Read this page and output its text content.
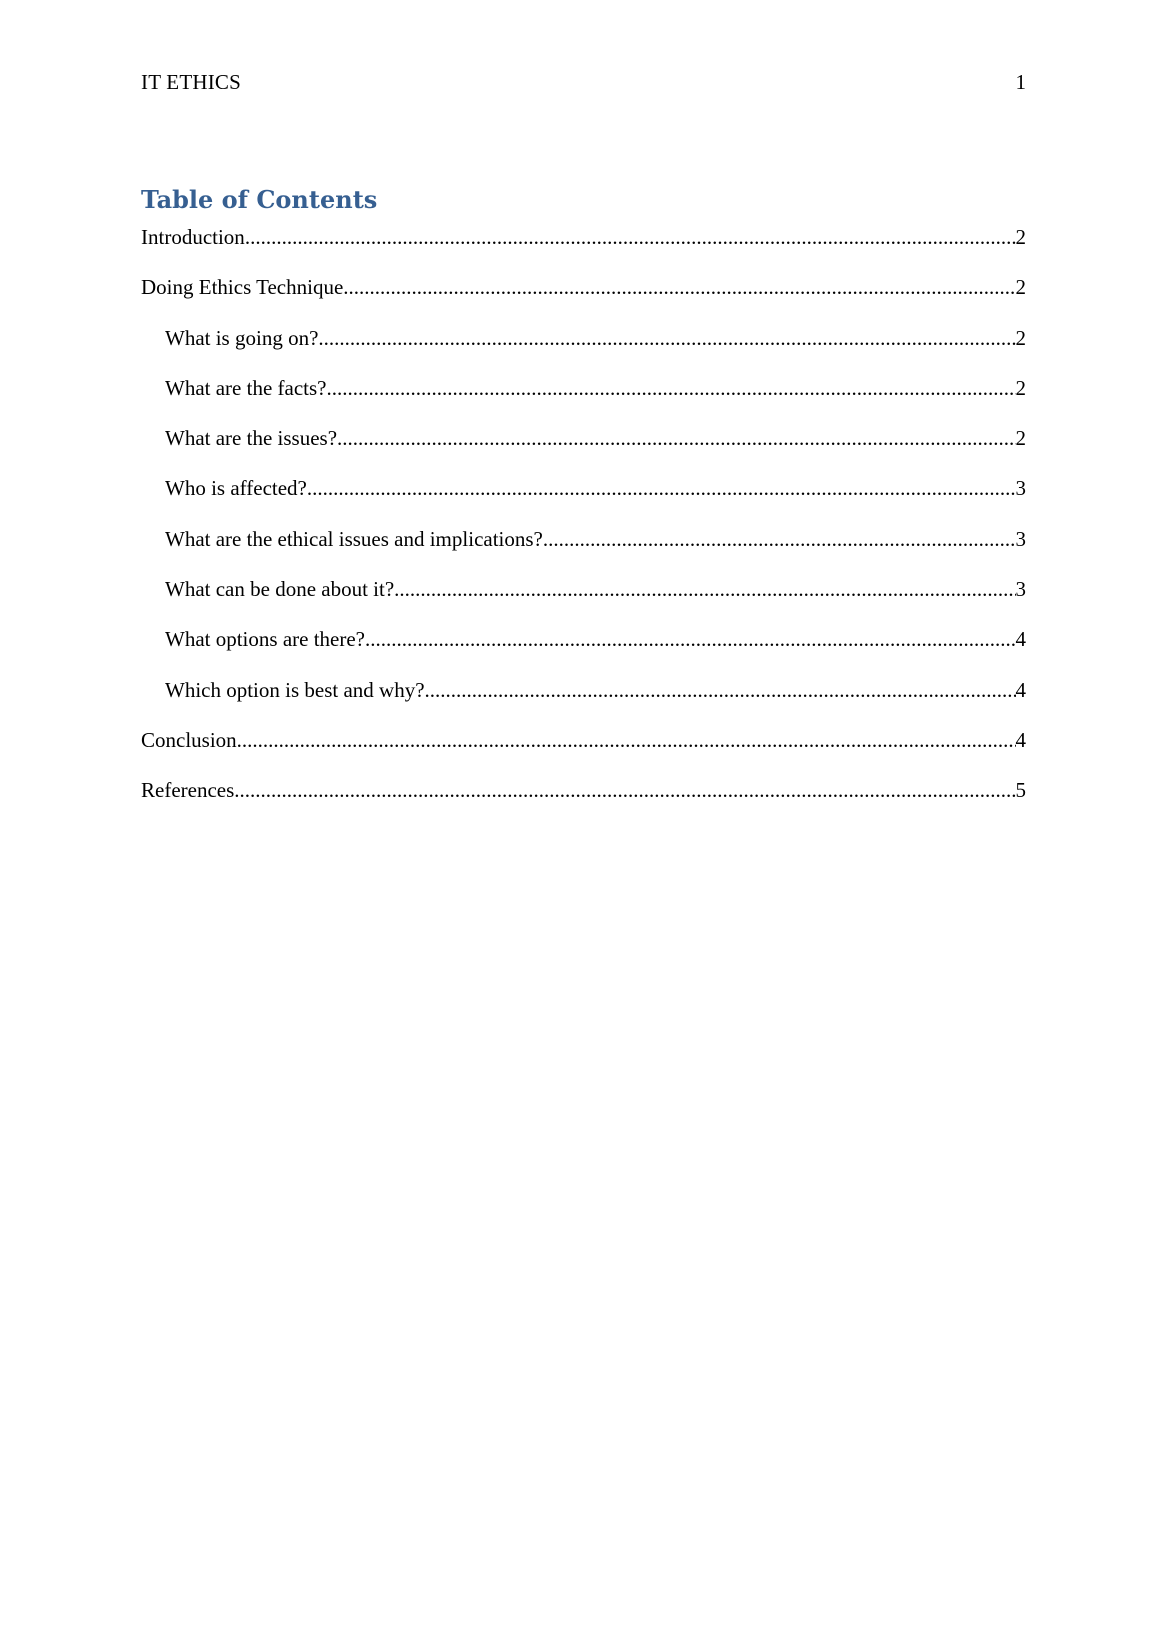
IT ETHICS	1
Table of Contents
Introduction .....	2
Doing Ethics Technique .....	2
What is going on? .....	2
What are the facts? .....	2
What are the issues? .....	2
Who is affected? .....	3
What are the ethical issues and implications? .....	3
What can be done about it? .....	3
What options are there? .....	4
Which option is best and why? .....	4
Conclusion .....	4
References .....	5
